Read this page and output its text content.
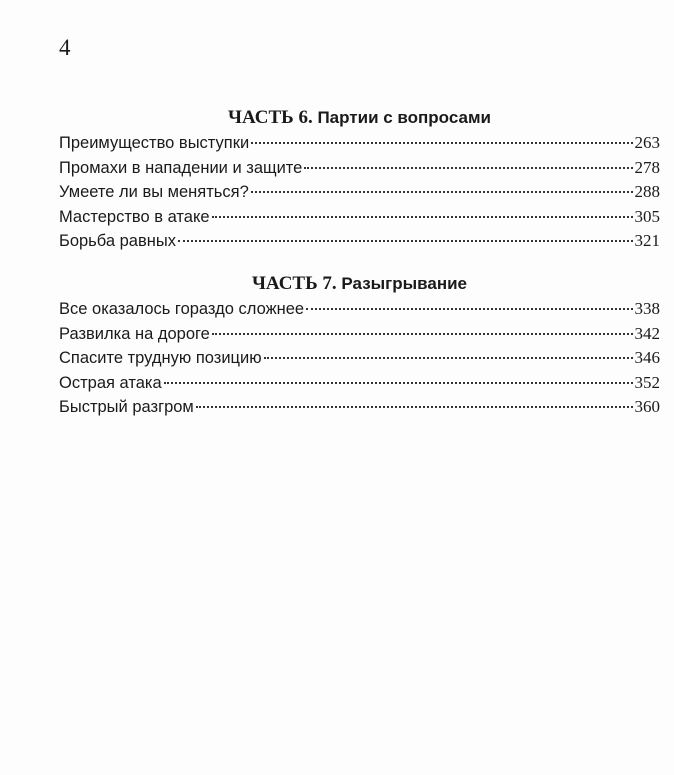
4
ЧАСТЬ 6. Партии с вопросами
Преимущество выступки	263
Промахи в нападении и защите	278
Умеете ли вы меняться?	288
Мастерство в атаке	305
Борьба равных	321
ЧАСТЬ 7. Разыгрывание
Все оказалось гораздо сложнее	338
Развилка на дороге	342
Спасите трудную позицию	346
Острая атака	352
Быстрый разгром	360
